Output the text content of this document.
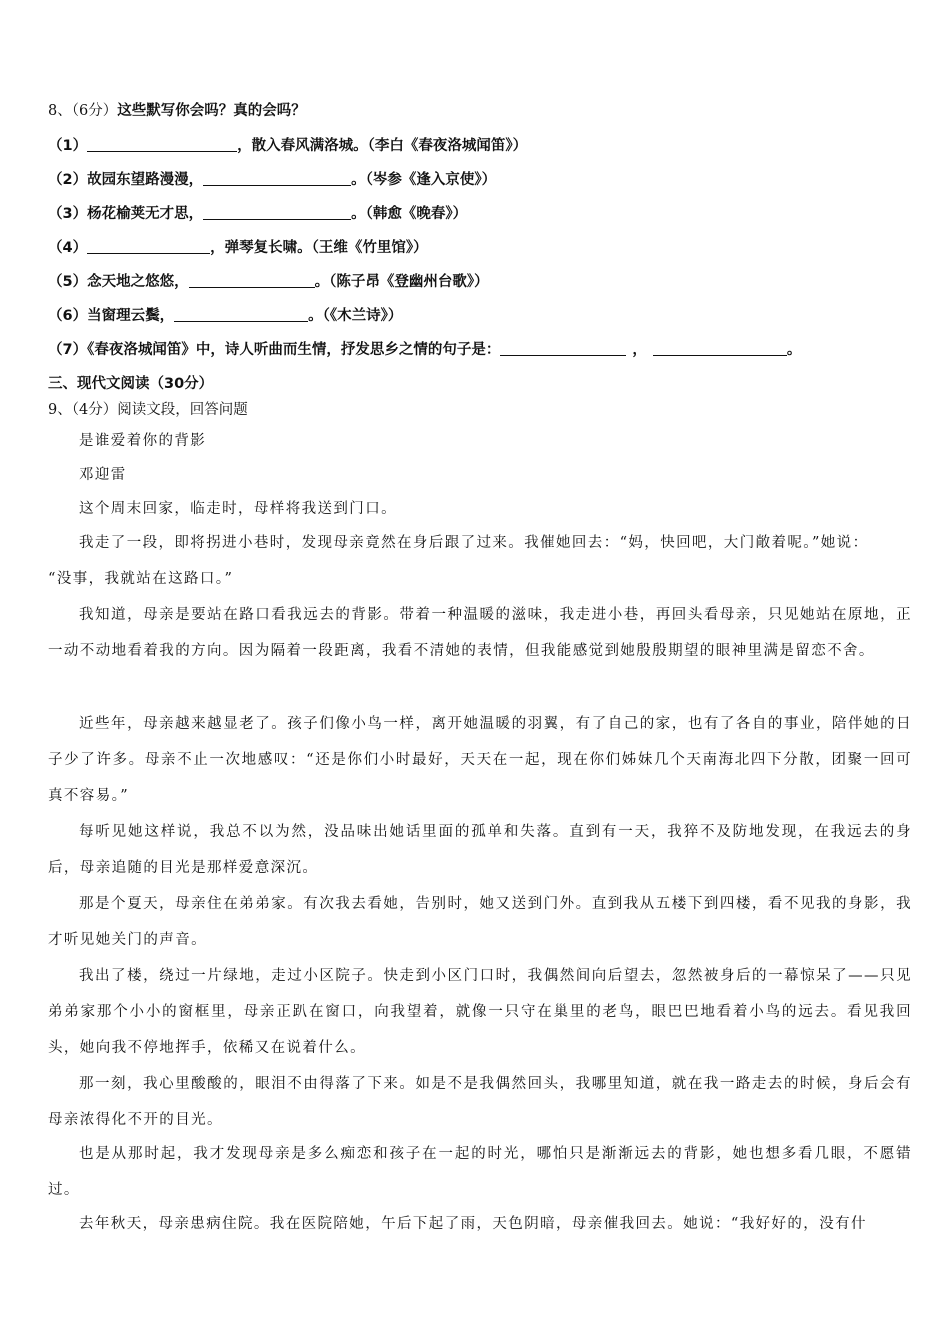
8、（6分）这些默写你会吗？真的会吗？
（1）	，散入春风满洛城。（李白《春夜洛城闻笛》）
（2）故园东望路漫漫，	。（岑参《逢入京使》）
（3）杨花榆荚无才思，	。（韩愈《晚春》）
（4）	，弹琴复长啸。（王维《竹里馆》）
（5）念天地之悠悠，	。（陈子昂《登幽州台歌》）
（6）当窗理云鬓，	。（《木兰诗》）
（7）《春夜洛城闻笛》中，诗人听曲而生情，抒发思乡之情的句子是：	，	。
三、现代文阅读（30分）
9、（4分）阅读文段，回答问题
是谁爱着你的背影
邓迎雷
这个周末回家，临走时，母样将我送到门口。
我走了一段，即将拐进小巷时，发现母亲竟然在身后跟了过来。我催她回去：“妈，快回吧，大门敞着呢。”她说：
“没事，我就站在这路口。”
我知道，母亲是要站在路口看我远去的背影。带着一种温暖的滋味，我走进小巷，再回头看母亲，只见她站在原地，正一动不动地看着我的方向。因为隔着一段距离，我看不清她的表情，但我能感觉到她殷殷期望的眼神里满是留恋不舍。
近些年，母亲越来越显老了。孩子们像小鸟一样，离开她温暖的羽翼，有了自己的家，也有了各自的事业，陪伴她的日子少了许多。母亲不止一次地感叹：“还是你们小时最好，天天在一起，现在你们姊妹几个天南海北四下分散，团聚一回可真不容易。”
每听见她这样说，我总不以为然，没品味出她话里面的孤单和失落。直到有一天，我猝不及防地发现，在我远去的身后，母亲追随的目光是那样爱意深沉。
那是个夏天，母亲住在弟弟家。有次我去看她，告别时，她又送到门外。直到我从五楼下到四楼，看不见我的身影，我才听见她关门的声音。
我出了楼，绕过一片绿地，走过小区院子。快走到小区门口时，我偶然间向后望去，忽然被身后的一幕惊呆了——只见弟弟家那个小小的窗框里，母亲正趴在窗口，向我望着，就像一只守在巢里的老鸟，眼巴巴地看着小鸟的远去。看见我回头，她向我不停地挥手，依稀又在说着什么。
那一刻，我心里酸酸的，眼泪不由得落了下来。如是不是我偶然回头，我哪里知道，就在我一路走去的时候，身后会有母亲浓得化不开的目光。
也是从那时起，我才发现母亲是多么痴恋和孩子在一起的时光，哪怕只是渐渐远去的背影，她也想多看几眼，不愿错过。
去年秋天，母亲患病住院。我在医院陪她，午后下起了雨，天色阴暗，母亲催我回去。她说：“我好好的，没有什
